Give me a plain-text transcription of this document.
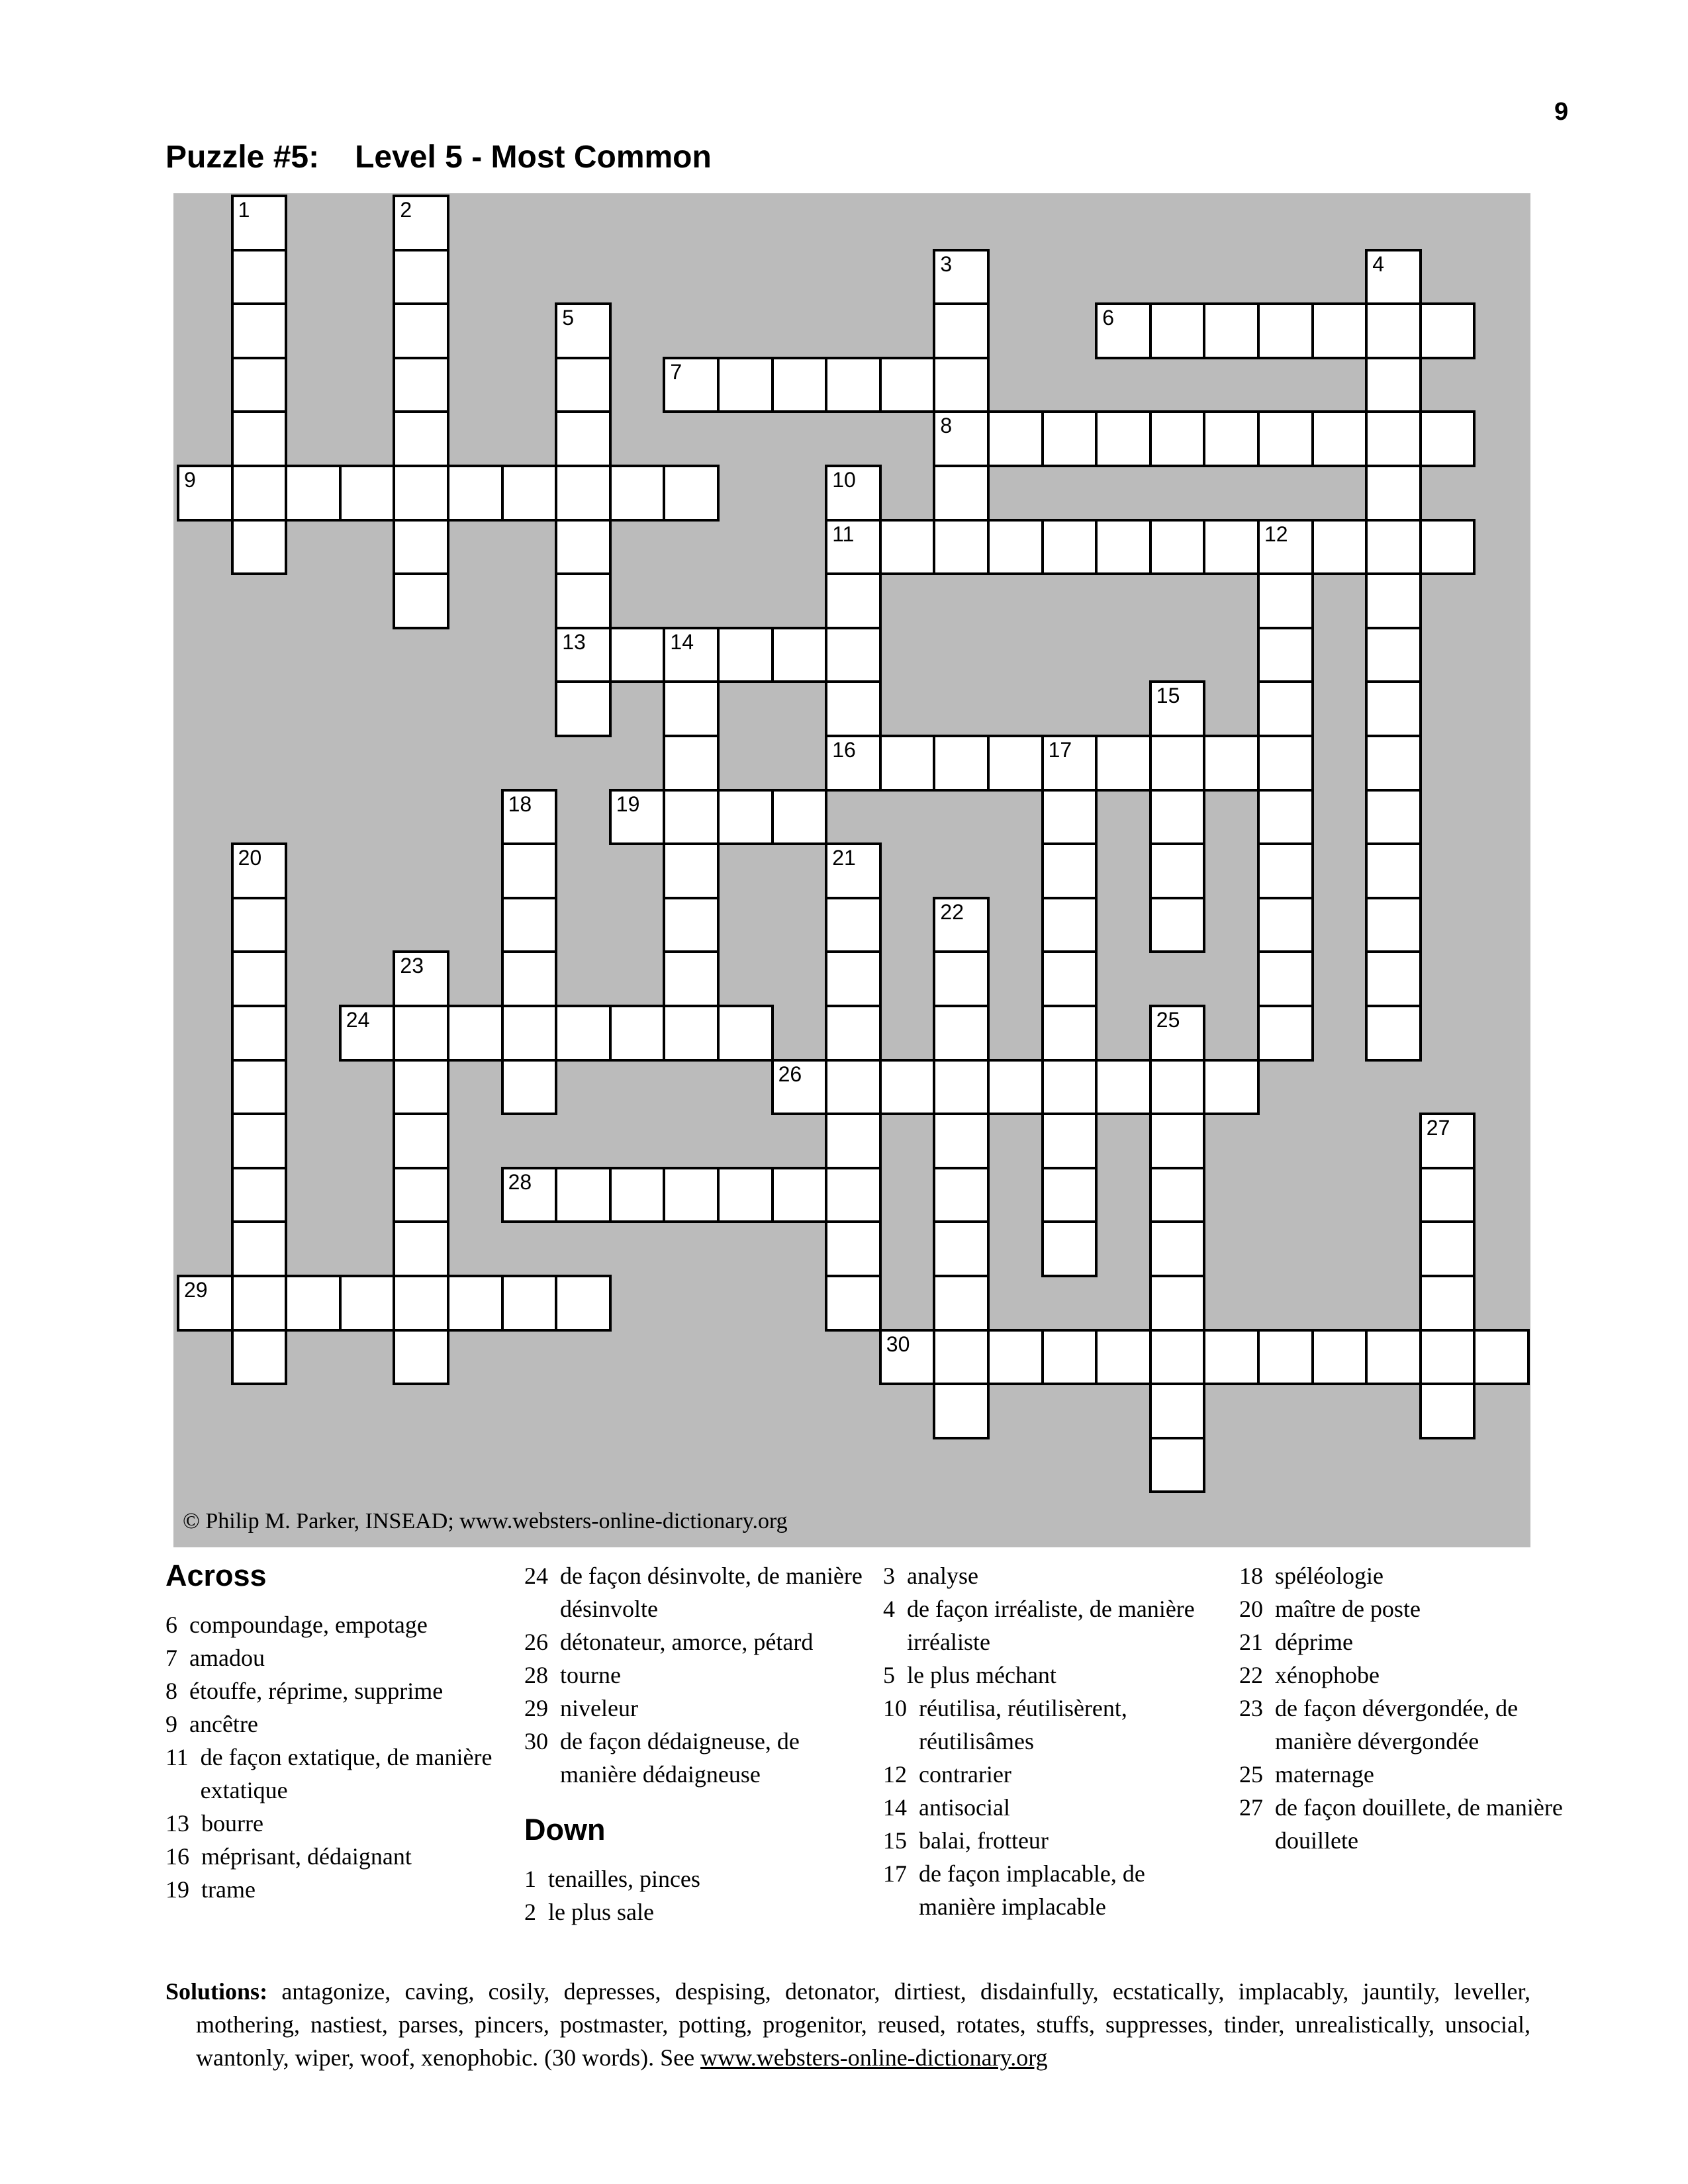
9
Puzzle #5: Level 5 - Most Common
1	2
3
8
4
5
13
6
7
9	10
11
16
12
14
15
17
18	19
20	21
22
23
24	25
26
27
28
29
30
© Philip M. Parker, INSEAD; www.websters-online-dictionary.org
Across
6 compoundage, empotage
7 amadou
8 étouffe, réprime, supprime
9 ancêtre
11 de façon extatique, de manière extatique
13 bourre
16 méprisant, dédaignant
19 trame
24 de façon désinvolte, de manière désinvolte
26 détonateur, amorce, pétard
28 tourne
29 niveleur
30 de façon dédaigneuse, de manière dédaigneuse
Down
1 tenailles, pinces
2 le plus sale
3 analyse
4 de façon irréaliste, de manière irréaliste
5 le plus méchant
10 réutilisa, réutilisèrent, réutilisâmes
12 contrarier
14 antisocial
15 balai, frotteur
17 de façon implacable, de manière implacable
18 spéléologie
20 maître de poste
21 déprime
22 xénophobe
23 de façon dévergondée, de manière dévergondée
25 maternage
27 de façon douillete, de manière douillete

Solutions: antagonize, caving, cosily, depresses, despising, detonator, dirtiest, disdainfully, ecstatically, implacably, jauntily, leveller, mothering, nastiest, parses, pincers, postmaster, potting, progenitor, reused, rotates, stuffs, suppresses, tinder, unrealistically, unsocial, wantonly, wiper, woof, xenophobic. (30 words). See www.websters-online-dictionary.org
